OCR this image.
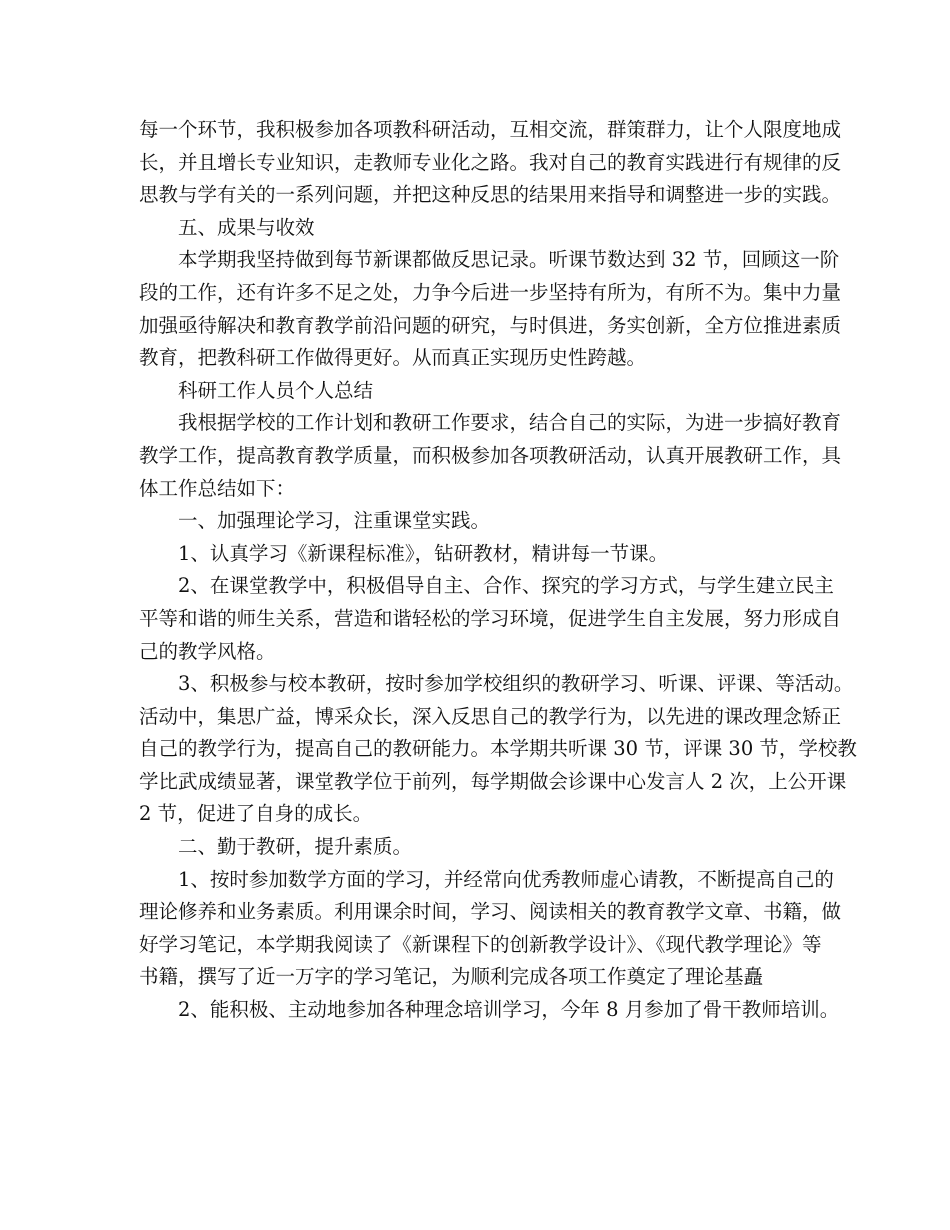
每一个环节，我积极参加各项教科研活动，互相交流，群策群力，让个人限度地成
长，并且增长专业知识，走教师专业化之路。我对自己的教育实践进行有规律的反
思教与学有关的一系列问题，并把这种反思的结果用来指导和调整进一步的实践。
五、成果与收效
本学期我坚持做到每节新课都做反思记录。听课节数达到 32 节，回顾这一阶
段的工作，还有许多不足之处，力争今后进一步坚持有所为，有所不为。集中力量
加强亟待解决和教育教学前沿问题的研究，与时俱进，务实创新，全方位推进素质
教育，把教科研工作做得更好。从而真正实现历史性跨越。
科研工作人员个人总结
我根据学校的工作计划和教研工作要求，结合自己的实际，为进一步搞好教育
教学工作，提高教育教学质量，而积极参加各项教研活动，认真开展教研工作，具
体工作总结如下：
一、加强理论学习，注重课堂实践。
1、认真学习《新课程标准》，钻研教材，精讲每一节课。
2、在课堂教学中，积极倡导自主、合作、探究的学习方式，与学生建立民主
平等和谐的师生关系，营造和谐轻松的学习环境，促进学生自主发展，努力形成自
己的教学风格。
3、积极参与校本教研，按时参加学校组织的教研学习、听课、评课、等活动。
活动中，集思广益，博采众长，深入反思自己的教学行为，以先进的课改理念矫正
自己的教学行为，提高自己的教研能力。本学期共听课 30 节，评课 30 节，学校教
学比武成绩显著，课堂教学位于前列，每学期做会诊课中心发言人 2 次，上公开课
2 节，促进了自身的成长。
二、勤于教研，提升素质。
1、按时参加数学方面的学习，并经常向优秀教师虚心请教，不断提高自己的
理论修养和业务素质。利用课余时间，学习、阅读相关的教育教学文章、书籍，做
好学习笔记，本学期我阅读了《新课程下的创新教学设计》、《现代教学理论》等
书籍，撰写了近一万字的学习笔记，为顺利完成各项工作奠定了理论基矗
2、能积极、主动地参加各种理念培训学习，今年 8 月参加了骨干教师培训。
